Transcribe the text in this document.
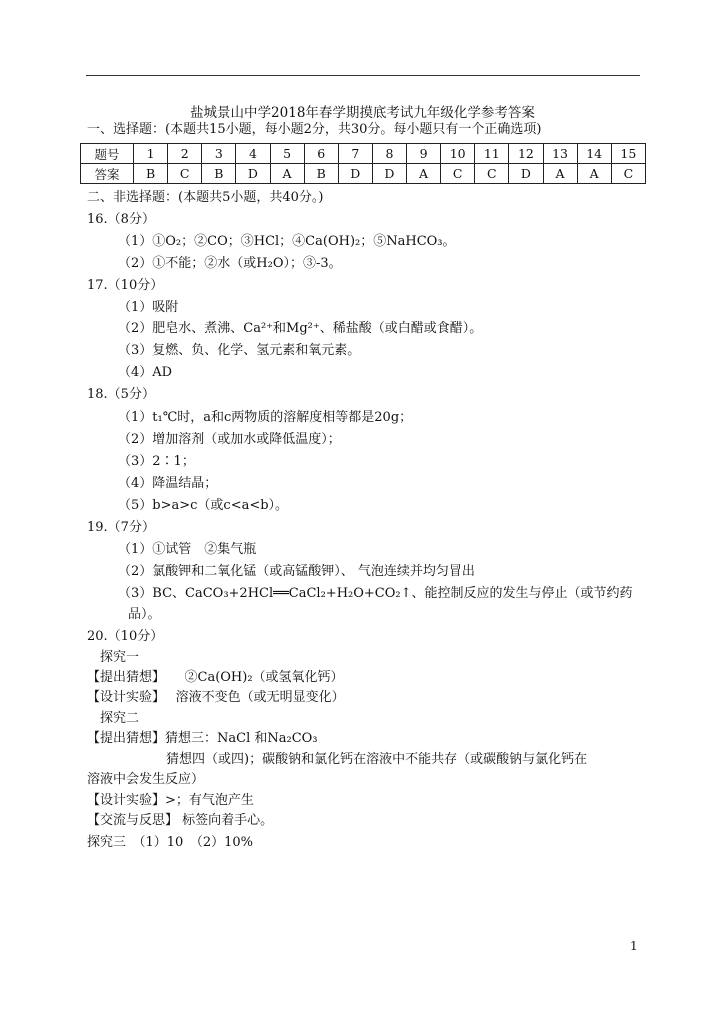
盐城景山中学2018年春学期摸底考试九年级化学参考答案
一、选择题：(本题共15小题，每小题2分，共30分。每小题只有一个正确选项)
题号	1	2	3	4	5	6	7	8	9	10	11	12	13	14	15
答案	B	C	B	D	A	B	D	D	A	C	C	D	A	A	C
二、非选择题：(本题共5小题，共40分。)
16.（8分）
（1）①O₂；②CO；③HCl；④Ca(OH)₂；⑤NaHCO₃。
（2）①不能；②水（或H₂O）；③-3。
17.（10分）
（1）吸附
（2）肥皂水、煮沸、Ca²⁺和Mg²⁺、稀盐酸（或白醋或食醋）。
（3）复燃、负、化学、氢元素和氧元素。
（4）AD
18.（5分）
（1）t₁℃时，a和c两物质的溶解度相等都是20g；
（2）增加溶剂（或加水或降低温度）；
（3）2∶1；
（4）降温结晶；
（5）b>a>c（或c<a<b）。
19.（7分）
（1）①试管　②集气瓶
（2）氯酸钾和二氧化锰（或高锰酸钾）、 气泡连续并均匀冒出
（3）BC、CaCO₃+2HCl══CaCl₂+H₂O+CO₂↑、能控制反应的发生与停止（或节约药
品）。
20.（10分）
探究一
【提出猜想】　　②Ca(OH)₂（或氢氧化钙）
【设计实验】　 溶液不变色（或无明显变化）
探究二
【提出猜想】猜想三：NaCl 和Na₂CO₃
猜想四（或四)；碳酸钠和氯化钙在溶液中不能共存（或碳酸钠与氯化钙在
溶液中会发生反应）
【设计实验】>；有气泡产生
【交流与反思】 标签向着手心。
探究三　（1）10　（2）10%
1
